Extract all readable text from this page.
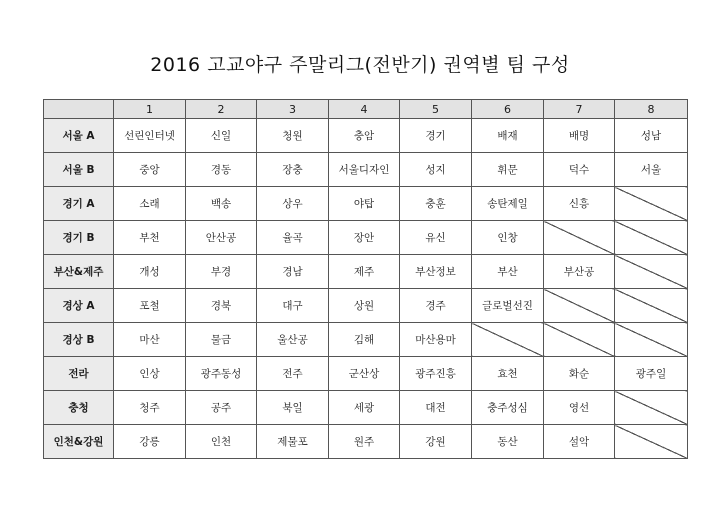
2016 고교야구 주말리그(전반기) 권역별 팀 구성
	1	2	3	4	5	6	7	8
서울 A	선린인터넷	신일	청원	충암	경기	배재	배명	성남
서울 B	중앙	경동	장충	서울디자인	성지	휘문	덕수	서울
경기 A	소래	백송	상우	야탑	충훈	송탄제일	신흥	
경기 B	부천	안산공	율곡	장안	유신	인창		
부산&제주	개성	부경	경남	제주	부산정보	부산	부산공	
경상 A	포철	경북	대구	상원	경주	글로벌선진		
경상 B	마산	물금	울산공	김해	마산용마			
전라	인상	광주동성	전주	군산상	광주진흥	효천	화순	광주일
충청	청주	공주	북일	세광	대전	충주성심	영선	
인천&강원	강릉	인천	제물포	원주	강원	동산	설악	
